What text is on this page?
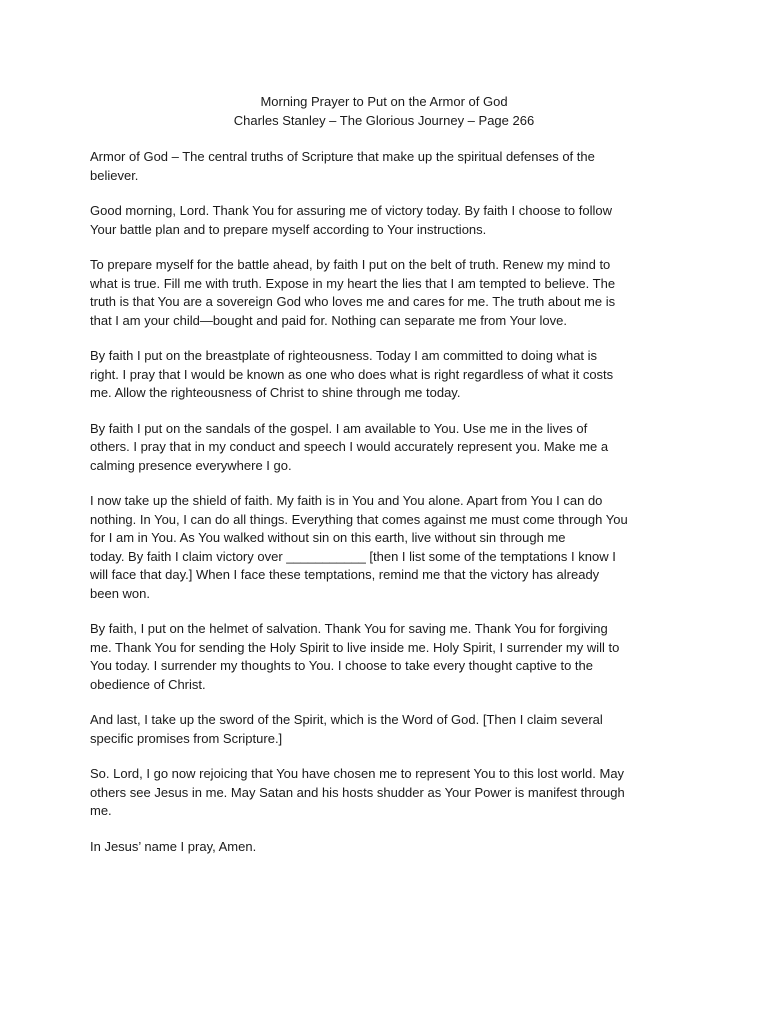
Morning Prayer to Put on the Armor of God
Charles Stanley – The Glorious Journey – Page 266
Armor of God – The central truths of Scripture that make up the spiritual defenses of the
believer.
Good morning, Lord. Thank You for assuring me of victory today. By faith I choose to follow
Your battle plan and to prepare myself according to Your instructions.
To prepare myself for the battle ahead, by faith I put on the belt of truth. Renew my mind to
what is true. Fill me with truth. Expose in my heart the lies that I am tempted to believe. The
truth is that You are a sovereign God who loves me and cares for me. The truth about me is
that I am your child—bought and paid for. Nothing can separate me from Your love.
By faith I put on the breastplate of righteousness. Today I am committed to doing what is
right. I pray that I would be known as one who does what is right regardless of what it costs
me. Allow the righteousness of Christ to shine through me today.
By faith I put on the sandals of the gospel. I am available to You. Use me in the lives of
others. I pray that in my conduct and speech I would accurately represent you. Make me a
calming presence everywhere I go.
I now take up the shield of faith. My faith is in You and You alone. Apart from You I can do
nothing. In You, I can do all things. Everything that comes against me must come through You
for I am in You. As You walked without sin on this earth, live without sin through me
today. By faith I claim victory over ___________ [then I list some of the temptations I know I
will face that day.] When I face these temptations, remind me that the victory has already
been won.
By faith, I put on the helmet of salvation. Thank You for saving me. Thank You for forgiving
me. Thank You for sending the Holy Spirit to live inside me. Holy Spirit, I surrender my will to
You today. I surrender my thoughts to You. I choose to take every thought captive to the
obedience of Christ.
And last, I take up the sword of the Spirit, which is the Word of God. [Then I claim several
specific promises from Scripture.]
So. Lord, I go now rejoicing that You have chosen me to represent You to this lost world. May
others see Jesus in me. May Satan and his hosts shudder as Your Power is manifest through
me.
In Jesus’ name I pray, Amen.
